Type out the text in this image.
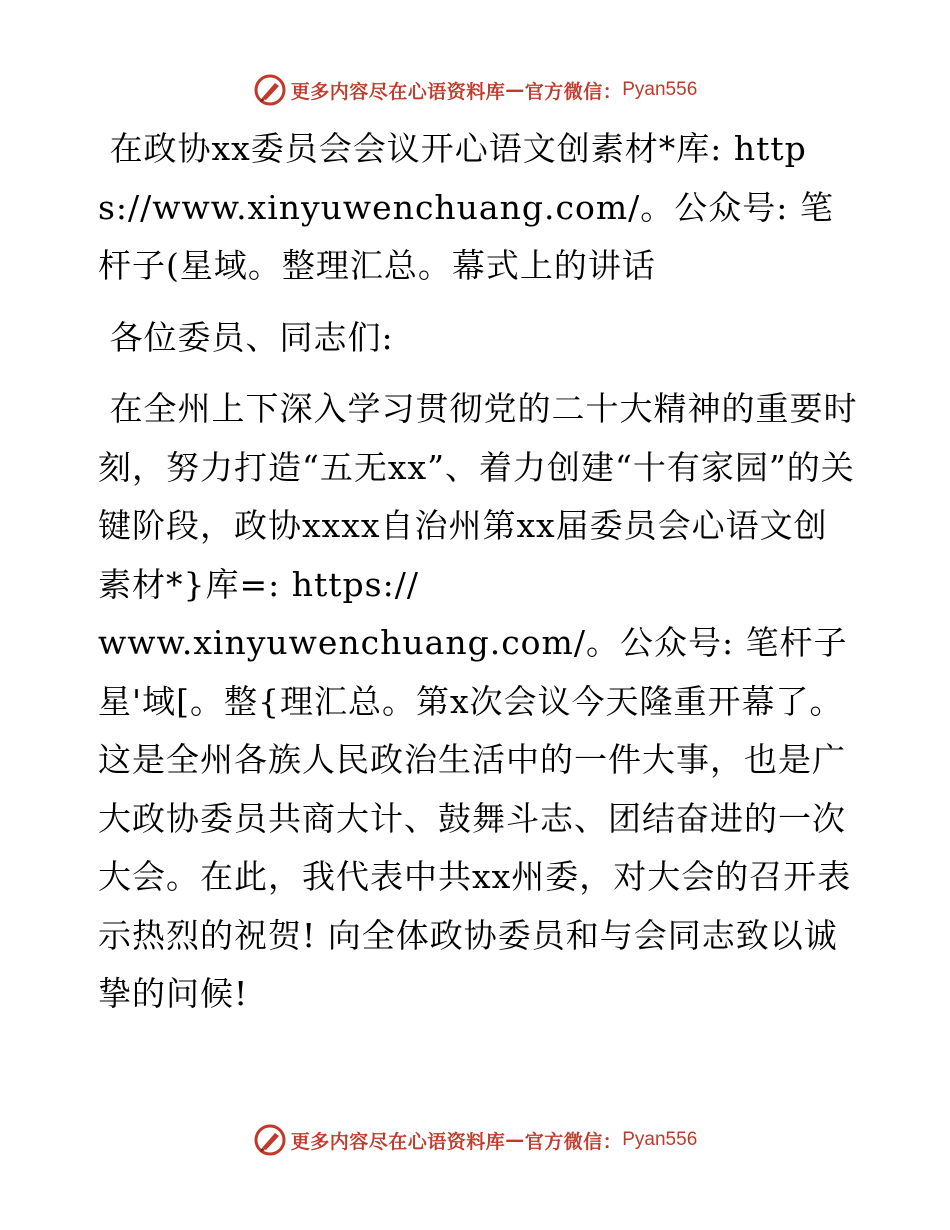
更多内容尽在心语资料库 — 官方微信： Pyan556

在政协xx委员会会议开心语文创素材*库: https://www.xinyuwenchuang.com/。公众号: 笔杆子(星域。整理汇总。幕式上的讲话

各位委员、同志们:

在全州上下深入学习贯彻党的二十大精神的重要时刻，努力打造“五无xx”、着力创建“十有家园”的关键阶段，政协xxxx自治州第xx届委员会心语文创素材*}库=: https://
www.xinyuwenchuang.com/。公众号: 笔杆子星'域[。整{理汇总。第x次会议今天隆重开幕了。这是全州各族人民政治生活中的一件大事，也是广大政协委员共商大计、鼓舞斗志、团结奋进的一次大会。在此，我代表中共xx州委，对大会的召开表示热烈的祝贺! 向全体政协委员和与会同志致以诚挚的问候!

更多内容尽在心语资料库 — 官方微信： Pyan556
